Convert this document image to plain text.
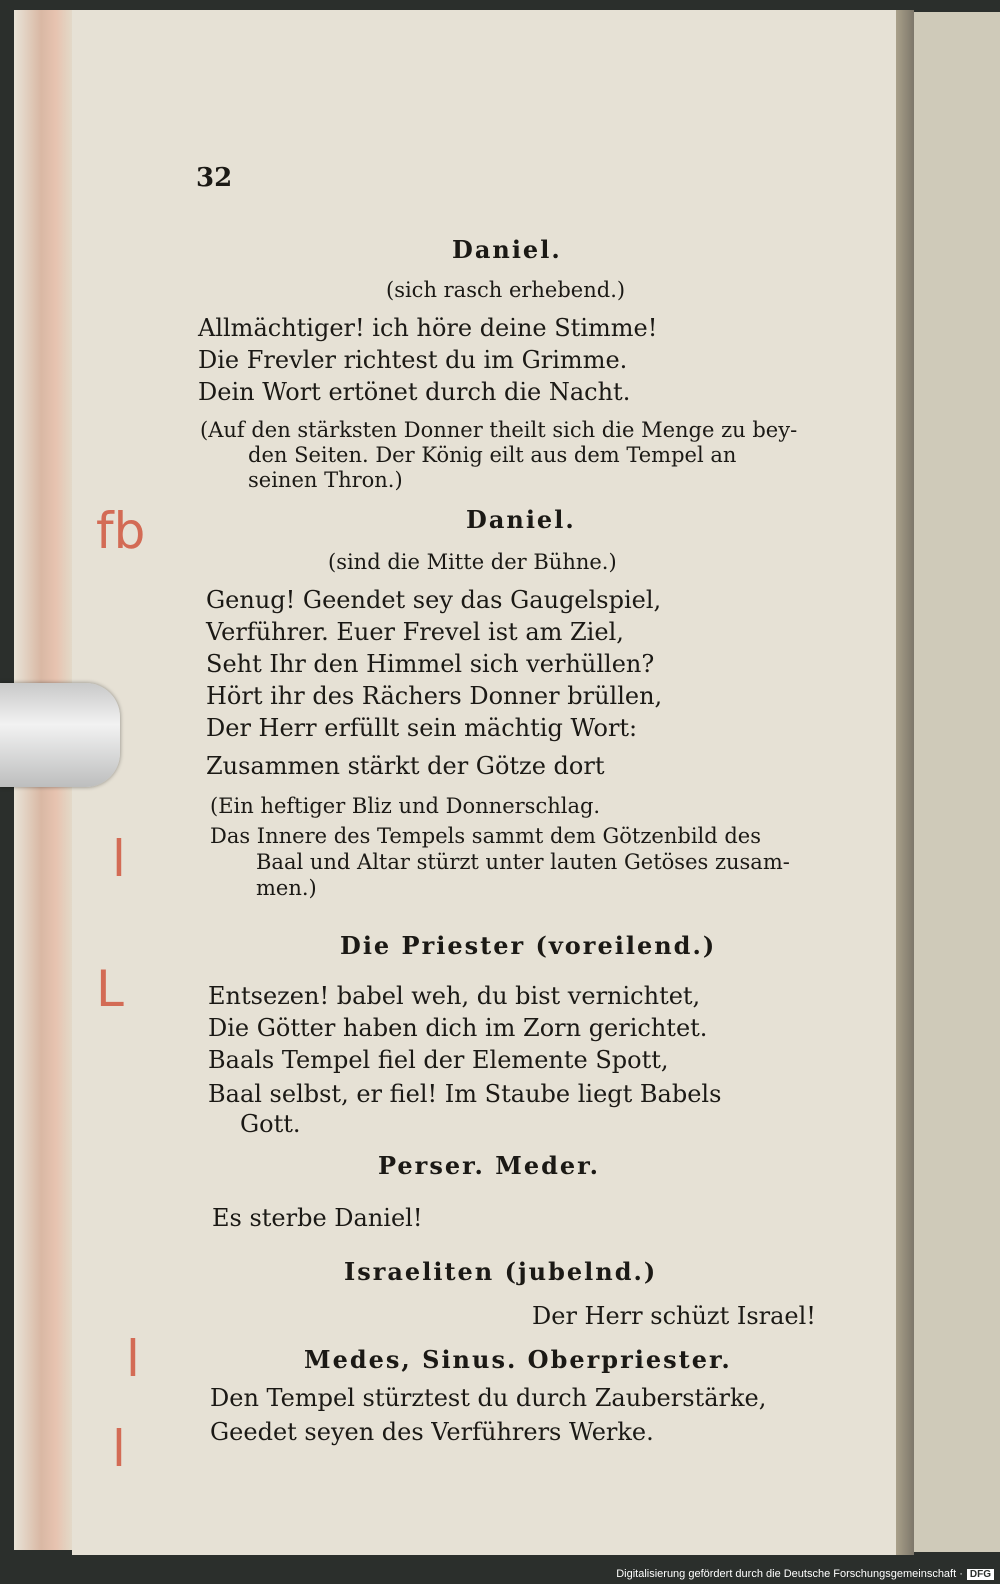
32
Daniel.
(sich rasch erhebend.)
Allmächtiger! ich höre deine Stimme!
Die Frevler richtest du im Grimme.
Dein Wort ertönet durch die Nacht.
(Auf den stärksten Donner theilt sich die Menge zu bey-
den Seiten. Der König eilt aus dem Tempel an
seinen Thron.)
Daniel.
(sind die Mitte der Bühne.)
Genug! Geendet sey das Gaugelspiel,
Verführer. Euer Frevel ist am Ziel,
Seht Ihr den Himmel sich verhüllen?
Hört ihr des Rächers Donner brüllen,
Der Herr erfüllt sein mächtig Wort:
Zusammen stärkt der Götze dort
(Ein heftiger Bliz und Donnerschlag.
Das Innere des Tempels sammt dem Götzenbild des
Baal und Altar stürzt unter lauten Getöses zusam-
men.)
Die Priester (voreilend.)
Entsezen! babel weh, du bist vernichtet,
Die Götter haben dich im Zorn gerichtet.
Baals Tempel fiel der Elemente Spott,
Baal selbst, er fiel! Im Staube liegt Babels
Gott.
Perser. Meder.
Es sterbe Daniel!
Israeliten (jubelnd.)
Der Herr schüzt Israel!
Medes, Sinus. Oberpriester.
Den Tempel stürztest du durch Zauberstärke,
Geedet seyen des Verführers Werke.
fb
l
L
l
l
Digitalisierung gefördert durch die Deutsche Forschungsgemeinschaft · DFG
